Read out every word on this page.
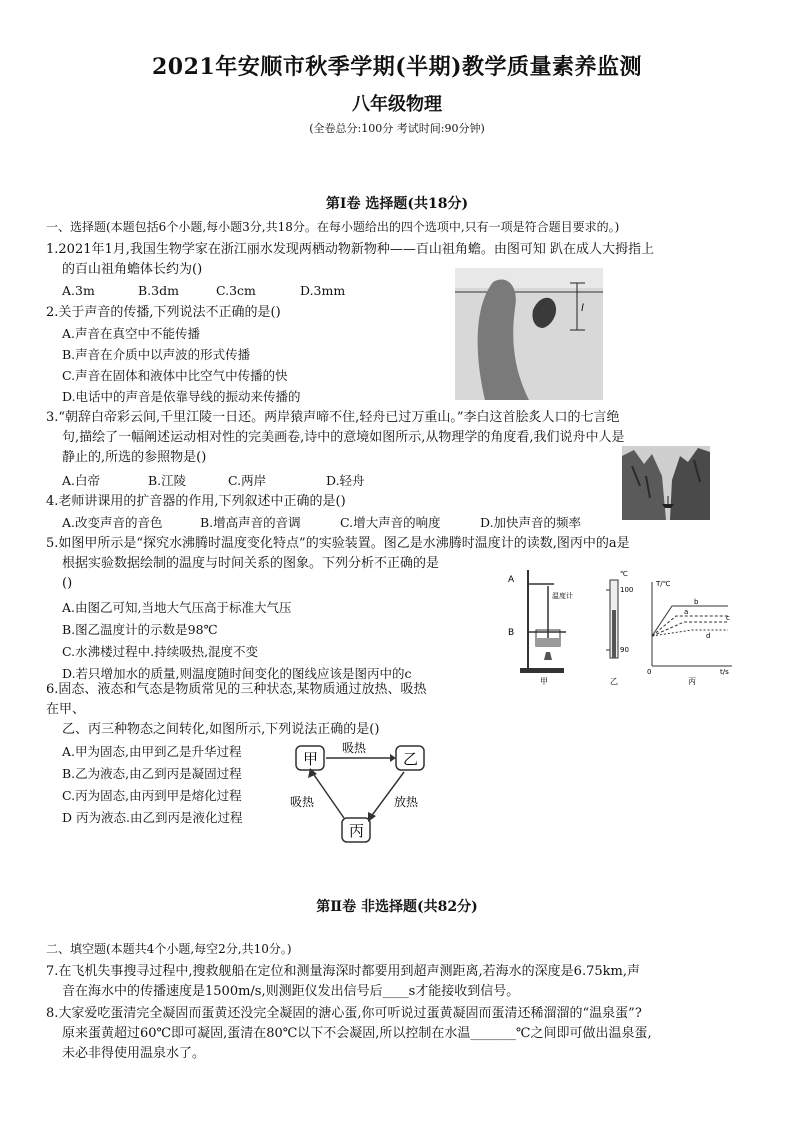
2021年安顺市秋季学期(半期)教学质量素养监测
八年级物理
(全卷总分:100分 考试时间:90分钟)
第Ⅰ卷 选择题(共18分)
一、选择题(本题包括6个小题,每小题3分,共18分。在每小题给出的四个选项中,只有一项是符合题目要求的。)
1.2021年1月,我国生物学家在浙江丽水发现两栖动物新物种——百山祖角蟾。由图可知 趴在成人大拇指上
的百山祖角蟾体长约为()
A.3m	B.3dm	C.3cm	D.3mm
l
2.关于声音的传播,下列说法不正确的是()
A.声音在真空中不能传播
B.声音在介质中以声波的形式传播
C.声音在固体和液体中比空气中传播的快
D.电话中的声音是依靠导线的振动来传播的
3.“朝辞白帝彩云间,千里江陵一日还。两岸猿声啼不住,轻舟已过万重山。”李白这首脍炙人口的七言绝
句,描绘了一幅阐述运动相对性的完美画卷,诗中的意境如图所示,从物理学的角度看,我们说舟中人是
静止的,所选的参照物是()
A.白帝	B.江陵	C.两岸	D.轻舟
4.老师讲课用的扩音器的作用,下列叙述中正确的是()
A.改变声音的音色	B.增高声音的音调	C.增大声音的响度	D.加快声音的频率
5.如图甲所示是“探究水沸腾时温度变化特点”的实验装置。图乙是水沸腾时温度计的读数,图丙中的a是
根据实验数据绘制的温度与时间关系的图象。下列分析不正确的是
()
A.由图乙可知,当地大气压高于标准大气压
B.图乙温度计的示数是98℃
C.水沸楼过程中.持续吸热,混度不变
D.若只增加水的质量,则温度随时间变化的图线应该是图丙中的c
A
B
温度计
甲
℃
100
90
乙
T/℃
t/s
0
b
a
c
d
丙
6.固态、液态和气态是物质常见的三种状态,某物质通过放热、吸热
在甲、
乙、丙三种物态之间转化,如图所示,下列说法正确的是()
A.甲为固态,由甲到乙是升华过程
B.乙为液态,由乙到丙是凝固过程
C.丙为固态,由丙到甲是熔化过程
D 丙为液态.由乙到丙是液化过程
甲	乙
丙
吸热
吸热	放热
第Ⅱ卷 非选择题(共82分)
二、填空题(本题共4个小题,每空2分,共10分。)
7.在飞机失事搜寻过程中,搜救舰船在定位和测量海深时都要用到超声测距离,若海水的深度是6.75km,声
音在海水中的传播速度是1500m/s,则测距仪发出信号后____s才能接收到信号。
8.大家爱吃蛋清完全凝固而蛋黄还没完全凝固的溏心蛋,你可听说过蛋黄凝固而蛋清还稀溜溜的“温泉蛋”?
原来蛋黄超过60℃即可凝固,蛋清在80℃以下不会凝固,所以控制在水温_______℃之间即可做出温泉蛋,
未必非得使用温泉水了。
